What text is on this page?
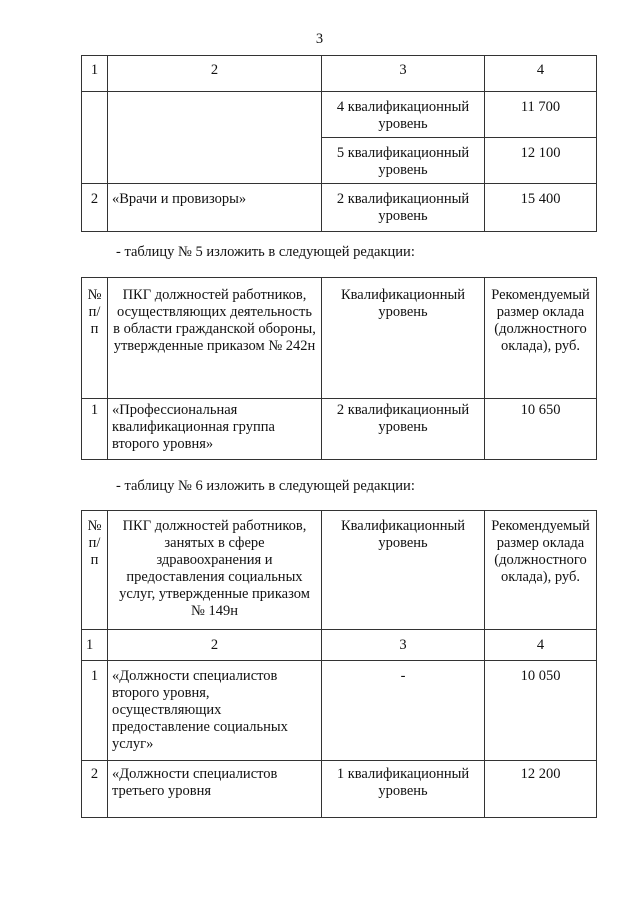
3
1	2	3	4
		4 квалификационный уровень	11 700
		5 квалификационный уровень	12 100
2	«Врачи и провизоры»	2 квалификационный уровень	15 400
- таблицу № 5 изложить в следующей редакции:
№ п/п	ПКГ должностей работников, осуществляющих деятельность в области гражданской обороны, утвержденные приказом № 242н	Квалификационный уровень	Рекомендуемый размер оклада (должностного оклада), руб.
1	«Профессиональная квалификационная группа второго уровня»	2 квалификационный уровень	10 650
- таблицу № 6 изложить в следующей редакции:
№ п/п	ПКГ должностей работников, занятых в сфере здравоохранения и предоставления социальных услуг, утвержденные приказом № 149н	Квалификационный уровень	Рекомендуемый размер оклада (должностного оклада), руб.
1	2	3	4
1	«Должности специалистов второго уровня, осуществляющих предоставление социальных услуг»	-	10 050
2	«Должности специалистов третьего уровня	1 квалификационный уровень	12 200
